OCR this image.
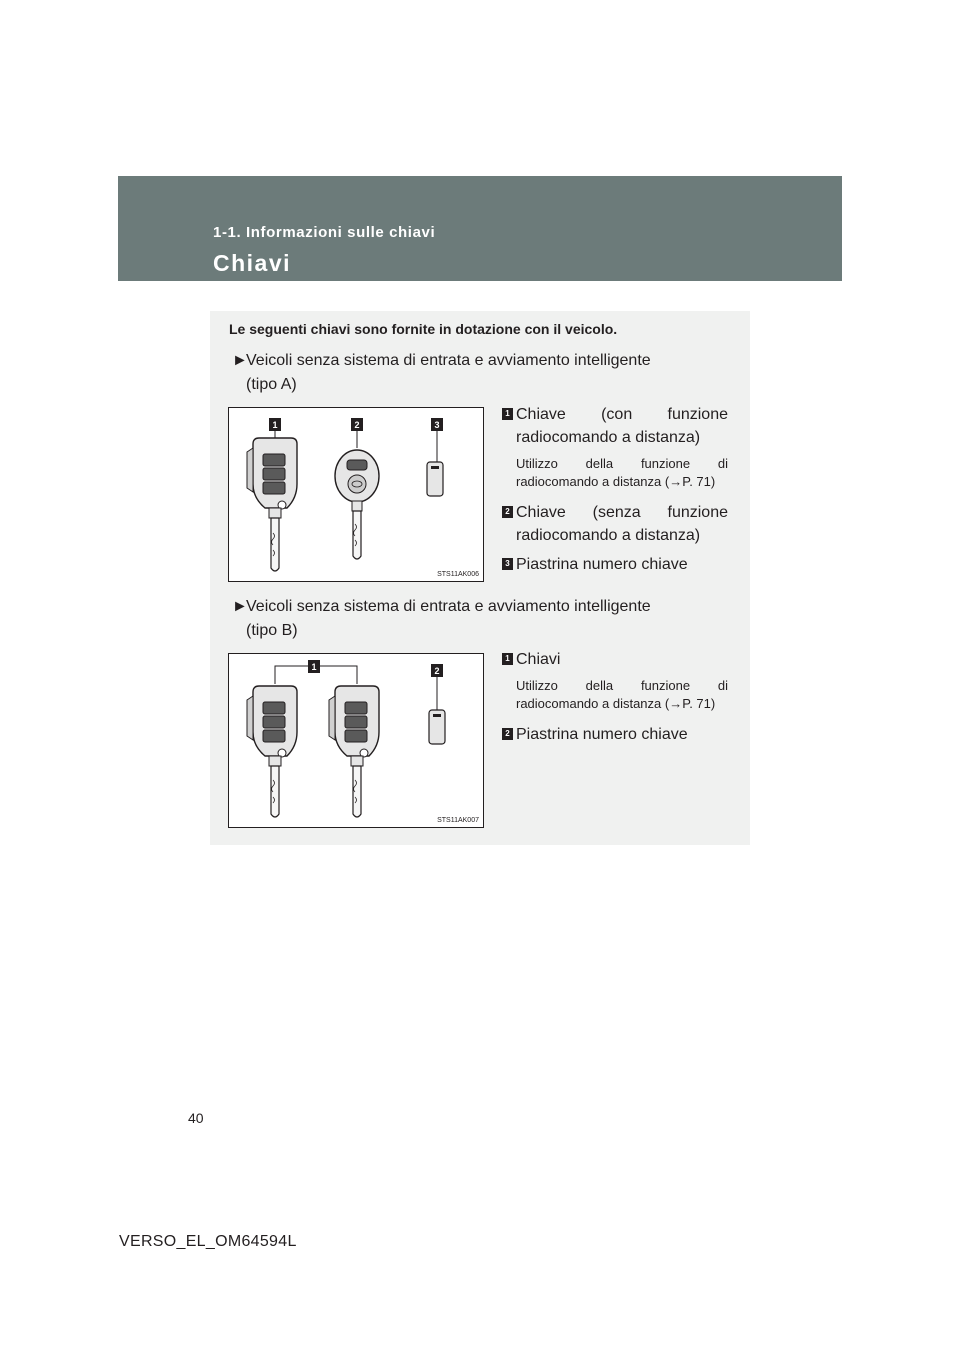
1-1. Informazioni sulle chiavi
Chiavi
Le seguenti chiavi sono fornite in dotazione con il veicolo.
►Veicoli senza sistema di entrata e avviamento intelligente
(tipo A)
1	2	3
STS11AK006
1 Chiave (con funzione radiocomando a distanza)
Utilizzo della funzione di radiocomando a distanza (→P. 71)
2 Chiave (senza funzione radiocomando a distanza)
3 Piastrina numero chiave
►Veicoli senza sistema di entrata e avviamento intelligente
(tipo B)
1	2
STS11AK007
1 Chiavi
Utilizzo della funzione di radiocomando a distanza (→P. 71)
2 Piastrina numero chiave
40
VERSO_EL_OM64594L
